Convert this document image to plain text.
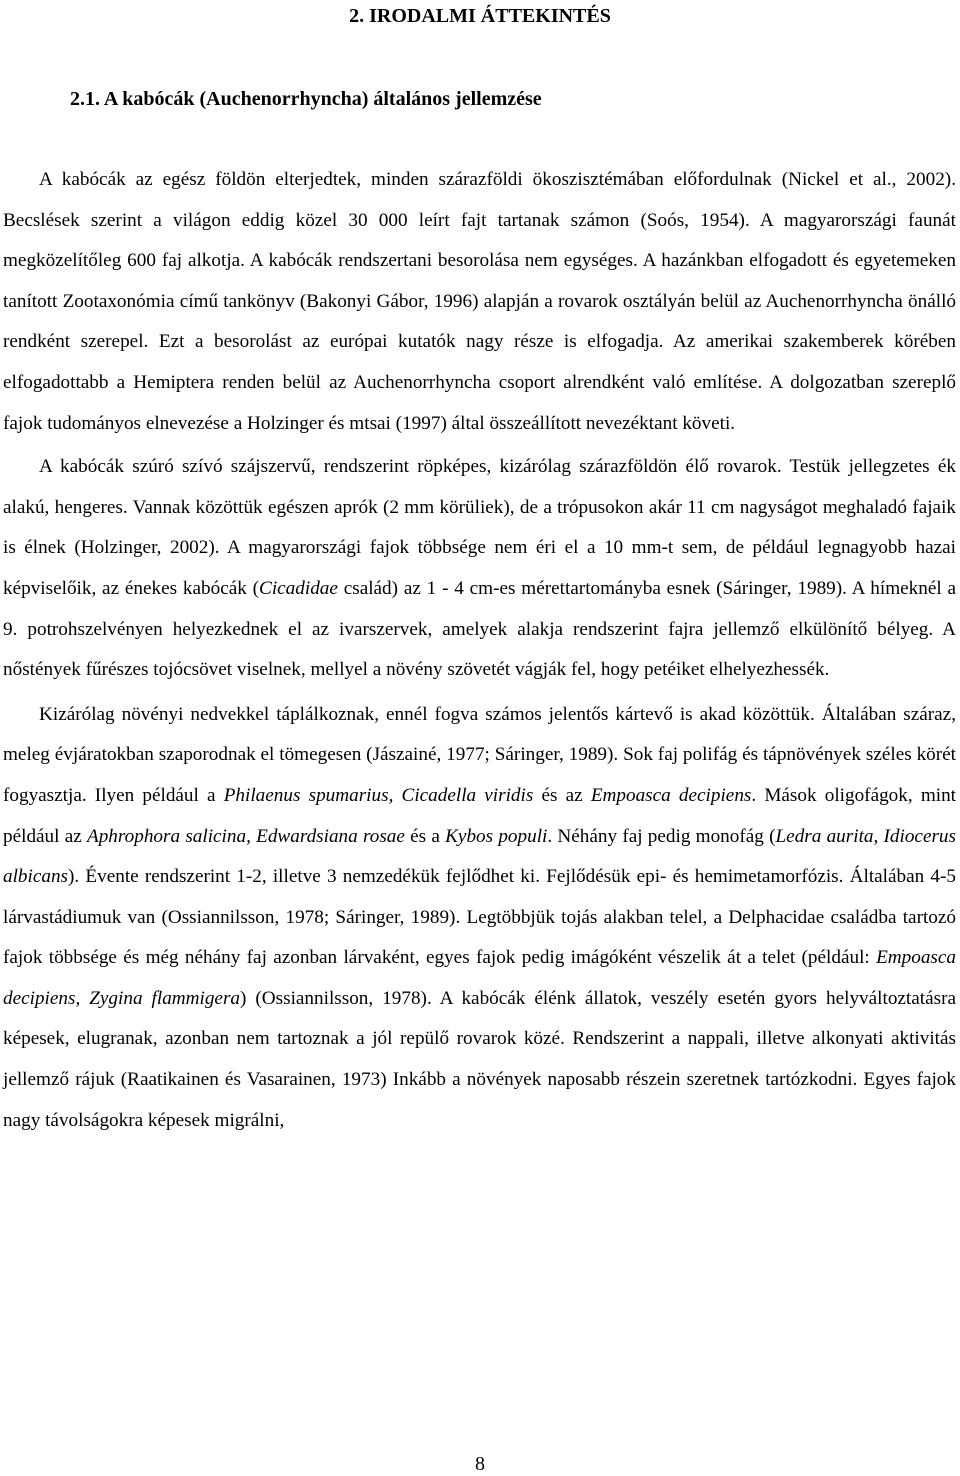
2. IRODALMI ÁTTEKINTÉS
2.1. A kabócák (Auchenorrhyncha) általános jellemzése

A kabócák az egész földön elterjedtek, minden szárazföldi ökoszisztémában előfordulnak (Nickel et al., 2002). Becslések szerint a világon eddig közel 30 000 leírt fajt tartanak számon (Soós, 1954). A magyarországi faunát megközelítőleg 600 faj alkotja. A kabócák rendszertani besorolása nem egységes. A hazánkban elfogadott és egyetemeken tanított Zootaxonómia című tankönyv (Bakonyi Gábor, 1996) alapján a rovarok osztályán belül az Auchenorrhyncha önálló rendként szerepel. Ezt a besorolást az európai kutatók nagy része is elfogadja. Az amerikai szakemberek körében elfogadottabb a Hemiptera renden belül az Auchenorrhyncha csoport alrendként való említése. A dolgozatban szereplő fajok tudományos elnevezése a Holzinger és mtsai (1997) által összeállított nevezéktant követi.

A kabócák szúró szívó szájszervű, rendszerint röpképes, kizárólag szárazföldön élő rovarok. Testük jellegzetes ék alakú, hengeres. Vannak közöttük egészen aprók (2 mm körüliek), de a trópusokon akár 11 cm nagyságot meghaladó fajaik is élnek (Holzinger, 2002). A magyarországi fajok többsége nem éri el a 10 mm-t sem, de például legnagyobb hazai képviselőik, az énekes kabócák (Cicadidae család) az 1 - 4 cm-es mérettartományba esnek (Sáringer, 1989). A hímeknél a 9. potrohszelvényen helyezkednek el az ivarszervek, amelyek alakja rendszerint fajra jellemző elkülönítő bélyeg. A nőstények fűrészes tojócsövet viselnek, mellyel a növény szövetét vágják fel, hogy petéiket elhelyezhessék.

Kizárólag növényi nedvekkel táplálkoznak, ennél fogva számos jelentős kártevő is akad közöttük. Általában száraz, meleg évjáratokban szaporodnak el tömegesen (Jászainé, 1977; Sáringer, 1989). Sok faj polifág és tápnövények széles körét fogyasztja. Ilyen például a Philaenus spumarius, Cicadella viridis és az Empoasca decipiens. Mások oligofágok, mint például az Aphrophora salicina, Edwardsiana rosae és a Kybos populi. Néhány faj pedig monofág (Ledra aurita, Idiocerus albicans). Évente rendszerint 1-2, illetve 3 nemzedékük fejlődhet ki. Fejlődésük epi- és hemimetamorfózis. Általában 4-5 lárvastádiumuk van (Ossiannilsson, 1978; Sáringer, 1989). Legtöbbjük tojás alakban telel, a Delphacidae családba tartozó fajok többsége és még néhány faj azonban lárvaként, egyes fajok pedig imágóként vészelik át a telet (például: Empoasca decipiens, Zygina flammigera) (Ossiannilsson, 1978). A kabócák élénk állatok, veszély esetén gyors helyváltoztatásra képesek, elugranak, azonban nem tartoznak a jól repülő rovarok közé. Rendszerint a nappali, illetve alkonyati aktivitás jellemző rájuk (Raatikainen és Vasarainen, 1973) Inkább a növények naposabb részein szeretnek tartózkodni. Egyes fajok nagy távolságokra képesek migrálni,

8
